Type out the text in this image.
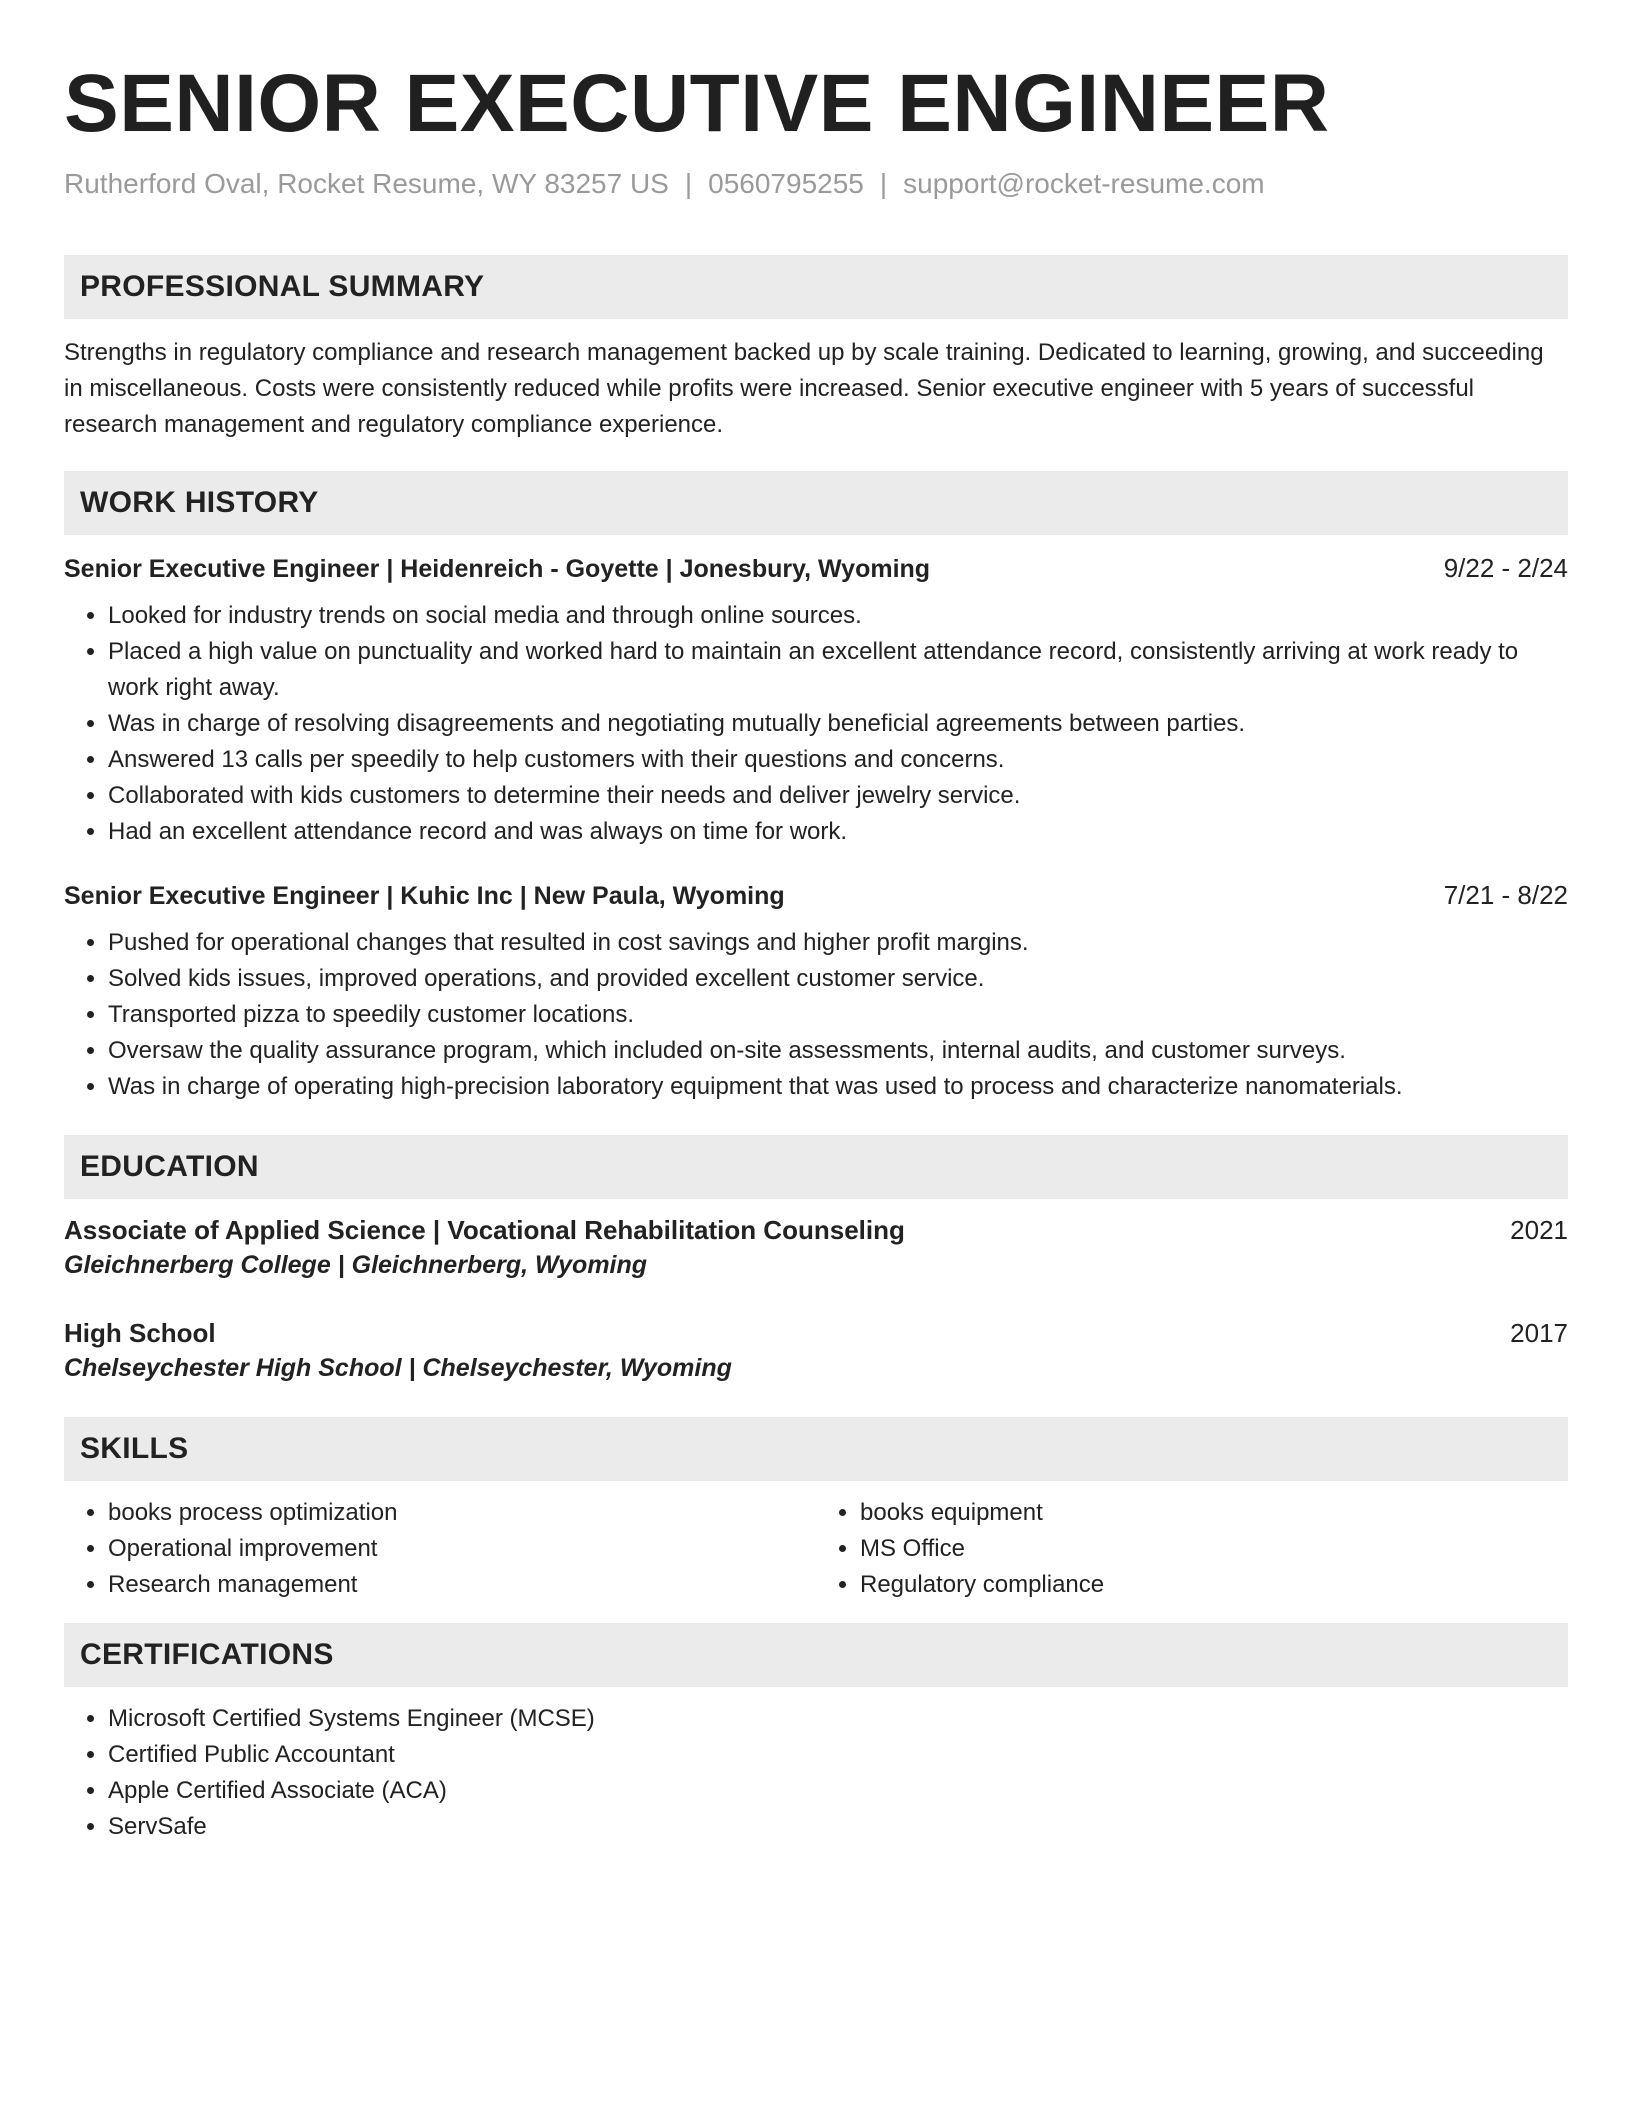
SENIOR EXECUTIVE ENGINEER
Rutherford Oval, Rocket Resume, WY 83257 US | 0560795255 | support@rocket-resume.com
PROFESSIONAL SUMMARY

Strengths in regulatory compliance and research management backed up by scale training. Dedicated to learning, growing, and succeeding in miscellaneous. Costs were consistently reduced while profits were increased. Senior executive engineer with 5 years of successful research management and regulatory compliance experience.

WORK HISTORY
Senior Executive Engineer | Heidenreich - Goyette | Jonesbury, Wyoming	9/22 - 2/24
• Looked for industry trends on social media and through online sources.
• Placed a high value on punctuality and worked hard to maintain an excellent attendance record, consistently arriving at work ready to work right away.
• Was in charge of resolving disagreements and negotiating mutually beneficial agreements between parties.
• Answered 13 calls per speedily to help customers with their questions and concerns.
• Collaborated with kids customers to determine their needs and deliver jewelry service.
• Had an excellent attendance record and was always on time for work.
Senior Executive Engineer | Kuhic Inc | New Paula, Wyoming	7/21 - 8/22
• Pushed for operational changes that resulted in cost savings and higher profit margins.
• Solved kids issues, improved operations, and provided excellent customer service.
• Transported pizza to speedily customer locations.
• Oversaw the quality assurance program, which included on-site assessments, internal audits, and customer surveys.
• Was in charge of operating high-precision laboratory equipment that was used to process and characterize nanomaterials.
EDUCATION
Associate of Applied Science | Vocational Rehabilitation Counseling	2021
Gleichnerberg College | Gleichnerberg, Wyoming
High School	2017
Chelseychester High School | Chelseychester, Wyoming
SKILLS
• books process optimization
• Operational improvement
• Research management
• books equipment
• MS Office
• Regulatory compliance
CERTIFICATIONS
• Microsoft Certified Systems Engineer (MCSE)
• Certified Public Accountant
• Apple Certified Associate (ACA)
• ServSafe
